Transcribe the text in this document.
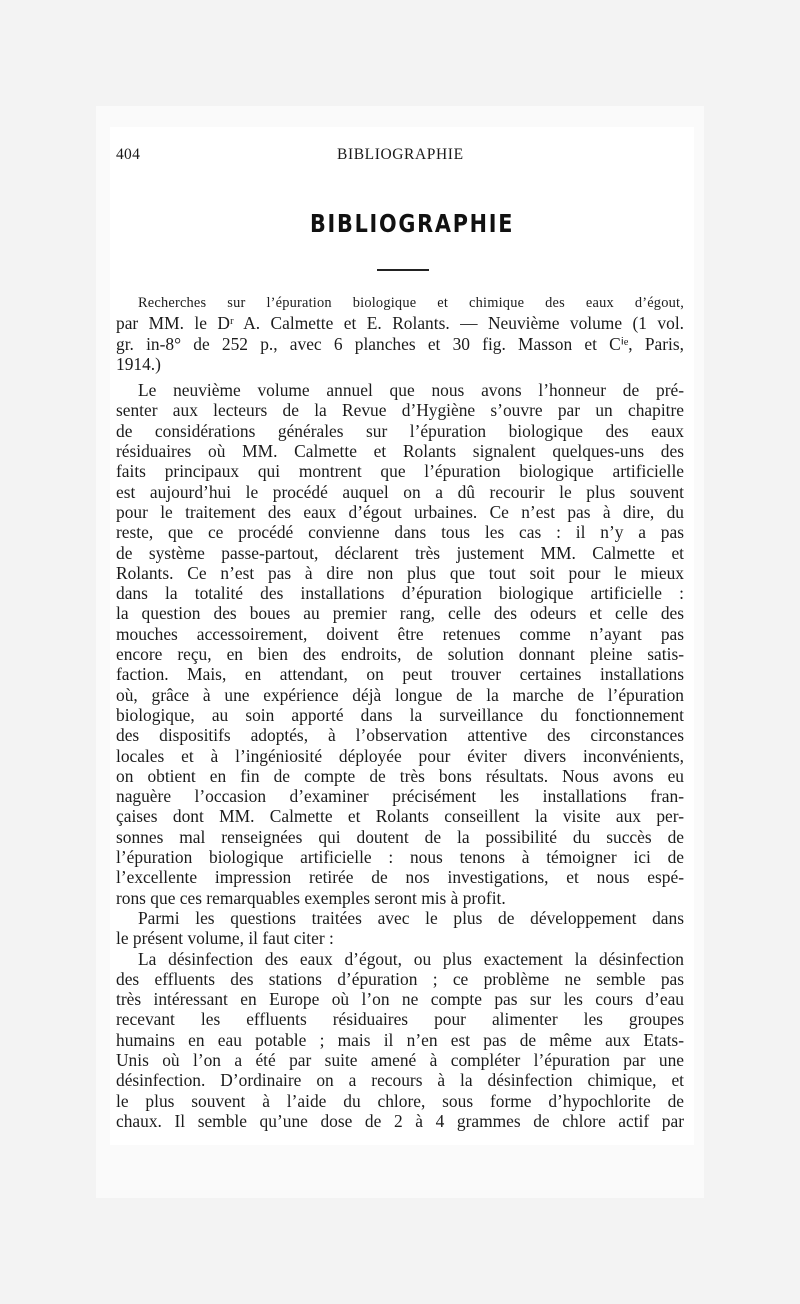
404	BIBLIOGRAPHIE
BIBLIOGRAPHIE
Recherches sur l’épuration biologique et chimique des eaux d’égout,
par MM. le Dʳ A. Calmette et E. Rolants. — Neuvième volume (1 vol.
gr. in-8° de 252 p., avec 6 planches et 30 fig. Masson et Cⁱᵉ, Paris,
1914.)
Le neuvième volume annuel que nous avons l’honneur de pré-
senter aux lecteurs de la Revue d’Hygiène s’ouvre par un chapitre
de considérations générales sur l’épuration biologique des eaux
résiduaires où MM. Calmette et Rolants signalent quelques-uns des
faits principaux qui montrent que l’épuration biologique artificielle
est aujourd’hui le procédé auquel on a dû recourir le plus souvent
pour le traitement des eaux d’égout urbaines. Ce n’est pas à dire, du
reste, que ce procédé convienne dans tous les cas : il n’y a pas
de système passe-partout, déclarent très justement MM. Calmette et
Rolants. Ce n’est pas à dire non plus que tout soit pour le mieux
dans la totalité des installations d’épuration biologique artificielle :
la question des boues au premier rang, celle des odeurs et celle des
mouches accessoirement, doivent être retenues comme n’ayant pas
encore reçu, en bien des endroits, de solution donnant pleine satis-
faction. Mais, en attendant, on peut trouver certaines installations
où, grâce à une expérience déjà longue de la marche de l’épuration
biologique, au soin apporté dans la surveillance du fonctionnement
des dispositifs adoptés, à l’observation attentive des circonstances
locales et à l’ingéniosité déployée pour éviter divers inconvénients,
on obtient en fin de compte de très bons résultats. Nous avons eu
naguère l’occasion d’examiner précisément les installations fran-
çaises dont MM. Calmette et Rolants conseillent la visite aux per-
sonnes mal renseignées qui doutent de la possibilité du succès de
l’épuration biologique artificielle : nous tenons à témoigner ici de
l’excellente impression retirée de nos investigations, et nous espé-
rons que ces remarquables exemples seront mis à profit.
Parmi les questions traitées avec le plus de développement dans
le présent volume, il faut citer :
La désinfection des eaux d’égout, ou plus exactement la désinfection
des effluents des stations d’épuration ; ce problème ne semble pas
très intéressant en Europe où l’on ne compte pas sur les cours d’eau
recevant les effluents résiduaires pour alimenter les groupes
humains en eau potable ; mais il n’en est pas de même aux Etats-
Unis où l’on a été par suite amené à compléter l’épuration par une
désinfection. D’ordinaire on a recours à la désinfection chimique, et
le plus souvent à l’aide du chlore, sous forme d’hypochlorite de
chaux. Il semble qu’une dose de 2 à 4 grammes de chlore actif par
